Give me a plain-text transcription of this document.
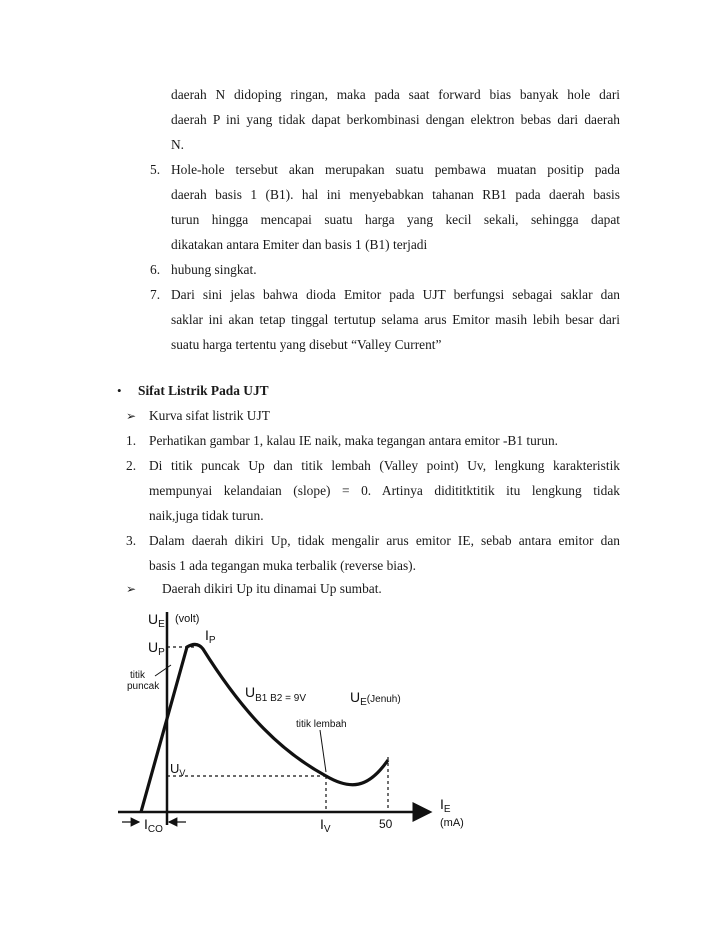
daerah N didoping ringan, maka pada saat forward bias banyak hole dari
daerah P ini yang tidak dapat berkombinasi dengan elektron bebas dari daerah
N.
5. Hole-hole tersebut akan merupakan suatu pembawa muatan positip pada
daerah basis 1 (B1). hal ini menyebabkan tahanan RB1 pada daerah basis
turun hingga mencapai suatu harga yang kecil sekali, sehingga dapat
dikatakan antara Emiter dan basis 1 (B1) terjadi
6. hubung singkat.
7. Dari sini jelas bahwa dioda Emitor pada UJT berfungsi sebagai saklar dan
saklar ini akan tetap tinggal tertutup selama arus Emitor masih lebih besar dari
suatu harga tertentu yang disebut “Valley Current”
• Sifat Listrik Pada UJT
➢ Kurva sifat listrik UJT
1. Perhatikan gambar 1, kalau IE naik, maka tegangan antara emitor -B1 turun.
2. Di titik puncak Up dan titik lembah (Valley point) Uv, lengkung karakteristik
mempunyai kelandaian (slope) = 0. Artinya didititktitik itu lengkung tidak
naik,juga tidak turun.
3. Dalam daerah dikiri Up, tidak mengalir arus emitor IE, sebab antara emitor dan
basis 1 ada tegangan muka terbalik (reverse bias).
➢ Daerah dikiri Up itu dinamai Up sumbat.
$U_E$ (volt)
$I_E$
(mA)
$I_P$
$U_P$
titik
puncak	$U_{B1 B2 = 9V}$	$U_E^{(Jenuh)}$
titik lembah
$U_V$
$I_{CO}$	$I_V$	50
